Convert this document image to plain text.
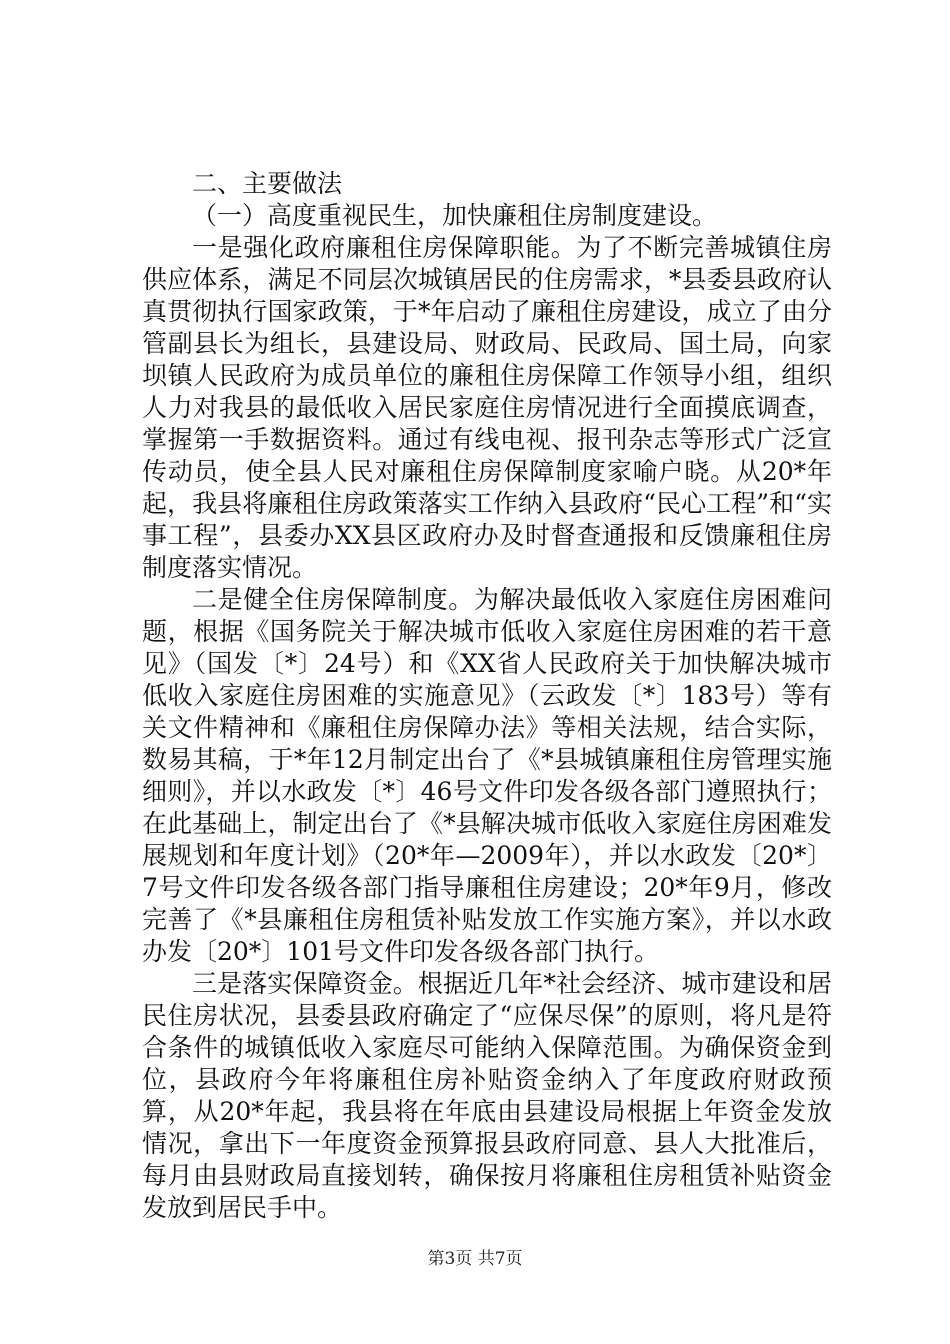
二、主要做法

（一）高度重视民生，加快廉租住房制度建设。

一是强化政府廉租住房保障职能。为了不断完善城镇住房供应体系，满足不同层次城镇居民的住房需求，*县委县政府认真贯彻执行国家政策，于*年启动了廉租住房建设，成立了由分管副县长为组长，县建设局、财政局、民政局、国土局，向家坝镇人民政府为成员单位的廉租住房保障工作领导小组，组织人力对我县的最低收入居民家庭住房情况进行全面摸底调查，掌握第一手数据资料。通过有线电视、报刊杂志等形式广泛宣传动员，使全县人民对廉租住房保障制度家喻户晓。从20*年起，我县将廉租住房政策落实工作纳入县政府“民心工程”和“实事工程”，县委办XX县区政府办及时督查通报和反馈廉租住房制度落实情况。

二是健全住房保障制度。为解决最低收入家庭住房困难问题，根据《国务院关于解决城市低收入家庭住房困难的若干意见》（国发〔*〕24号）和《XX省人民政府关于加快解决城市低收入家庭住房困难的实施意见》（云政发〔*〕183号）等有关文件精神和《廉租住房保障办法》等相关法规，结合实际，数易其稿，于*年12月制定出台了《*县城镇廉租住房管理实施细则》，并以水政发〔*〕46号文件印发各级各部门遵照执行；在此基础上，制定出台了《*县解决城市低收入家庭住房困难发展规划和年度计划》（20*年—2009年），并以水政发〔20*〕7号文件印发各级各部门指导廉租住房建设；20*年9月，修改完善了《*县廉租住房租赁补贴发放工作实施方案》，并以水政办发〔20*〕101号文件印发各级各部门执行。

三是落实保障资金。根据近几年*社会经济、城市建设和居民住房状况，县委县政府确定了“应保尽保”的原则，将凡是符合条件的城镇低收入家庭尽可能纳入保障范围。为确保资金到位，县政府今年将廉租住房补贴资金纳入了年度政府财政预算，从20*年起，我县将在年底由县建设局根据上年资金发放情况，拿出下一年度资金预算报县政府同意、县人大批准后，每月由县财政局直接划转，确保按月将廉租住房租赁补贴资金发放到居民手中。

第3页 共7页
